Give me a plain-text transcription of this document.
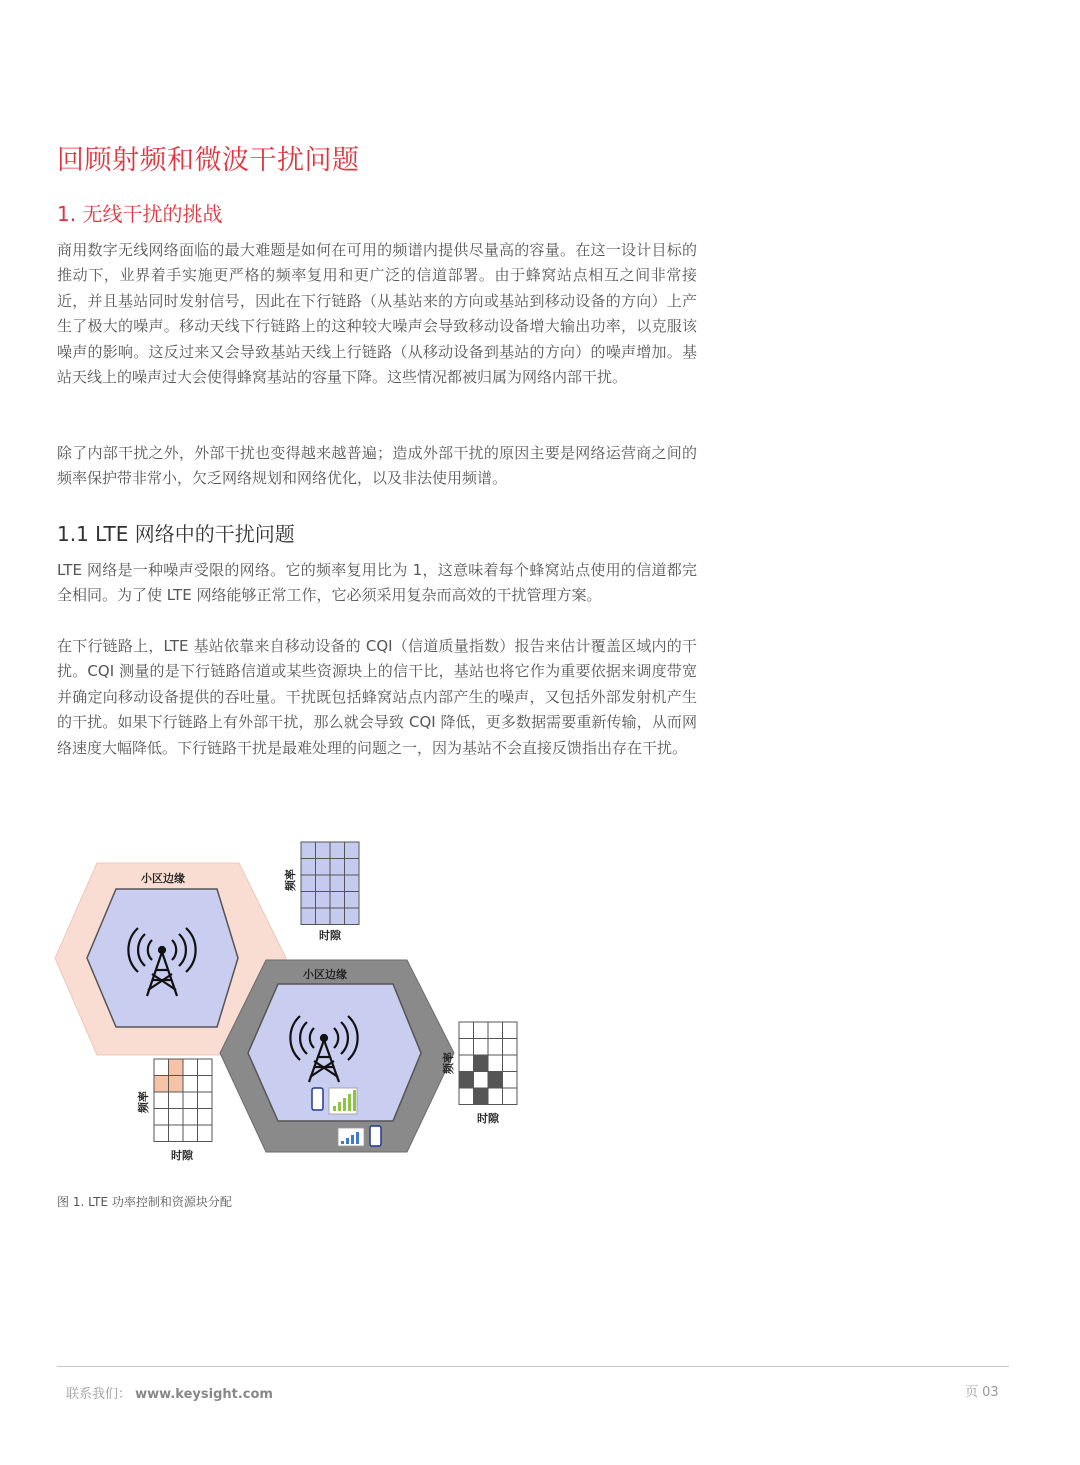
回顾射频和微波干扰问题
1. 无线干扰的挑战

商用数字无线网络面临的最大难题是如何在可用的频谱内提供尽量高的容量。在这一设计目标的推动下，业界着手实施更严格的频率复用和更广泛的信道部署。由于蜂窝站点相互之间非常接近，并且基站同时发射信号，因此在下行链路（从基站来的方向或基站到移动设备的方向）上产生了极大的噪声。移动天线下行链路上的这种较大噪声会导致移动设备增大输出功率，以克服该噪声的影响。这反过来又会导致基站天线上行链路（从移动设备到基站的方向）的噪声增加。基站天线上的噪声过大会使得蜂窝基站的容量下降。这些情况都被归属为网络内部干扰。

除了内部干扰之外，外部干扰也变得越来越普遍；造成外部干扰的原因主要是网络运营商之间的频率保护带非常小，欠乏网络规划和网络优化，以及非法使用频谱。

1.1 LTE 网络中的干扰问题

LTE 网络是一种噪声受限的网络。它的频率复用比为 1，这意味着每个蜂窝站点使用的信道都完全相同。为了使 LTE 网络能够正常工作，它必须采用复杂而高效的干扰管理方案。

在下行链路上，LTE 基站依靠来自移动设备的 CQI（信道质量指数）报告来估计覆盖区域内的干扰。CQI 测量的是下行链路信道或某些资源块上的信干比，基站也将它作为重要依据来调度带宽并确定向移动设备提供的吞吐量。干扰既包括蜂窝站点内部产生的噪声，又包括外部发射机产生的干扰。如果下行链路上有外部干扰，那么就会导致 CQI 降低，更多数据需要重新传输，从而网络速度大幅降低。下行链路干扰是最难处理的问题之一，因为基站不会直接反馈指出存在干扰。

小区边缘
小区边缘
频率
时隙
频率
时隙
频率
时隙

图 1. LTE 功率控制和资源块分配

联系我们： www.keysight.com	页 03
